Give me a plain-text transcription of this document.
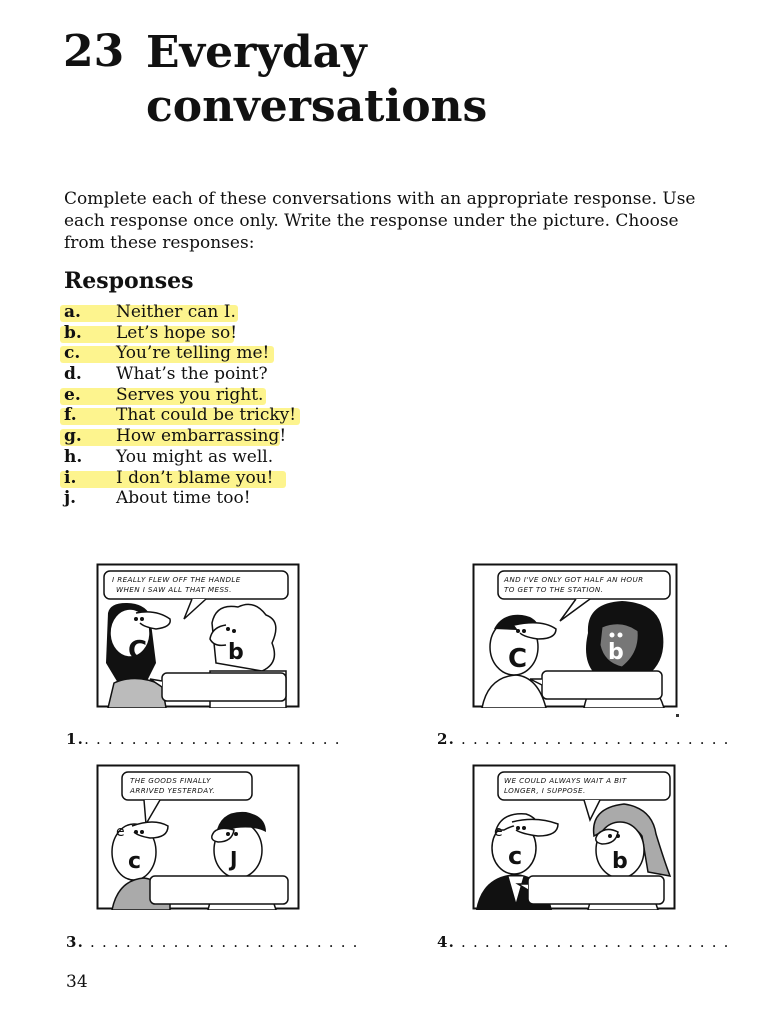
23 Everyday
conversations
Complete each of these conversations with an appropriate response. Use each response once only. Write the response under the picture. Choose from these responses:
Responses
a. Neither can I.
b. Let’s hope so!
c. You’re telling me!
d. What’s the point?
e. Serves you right.
f. That could be tricky!
g. How embarrassing!
h. You might as well.
i. I don’t blame you!
j. About time too!
I REALLY FLEW OFF THE HANDLE
WHEN I SAW ALL THAT MESS.
C	b
AND I'VE ONLY GOT HALF AN HOUR
TO GET TO THE STATION.
C	b
THE GOODS FINALLY
ARRIVED YESTERDAY.
e
c	J
WE COULD ALWAYS WAIT A BIT
LONGER, I SUPPOSE.
e
c	b
1.. . . . . . . . . . . . . . . . . . . . . .	2. . . . . . . . . . . . . . . . . . . . . . . .
3. . . . . . . . . . . . . . . . . . . . . . . .	4. . . . . . . . . . . . . . . . . . . . . . . .
34
